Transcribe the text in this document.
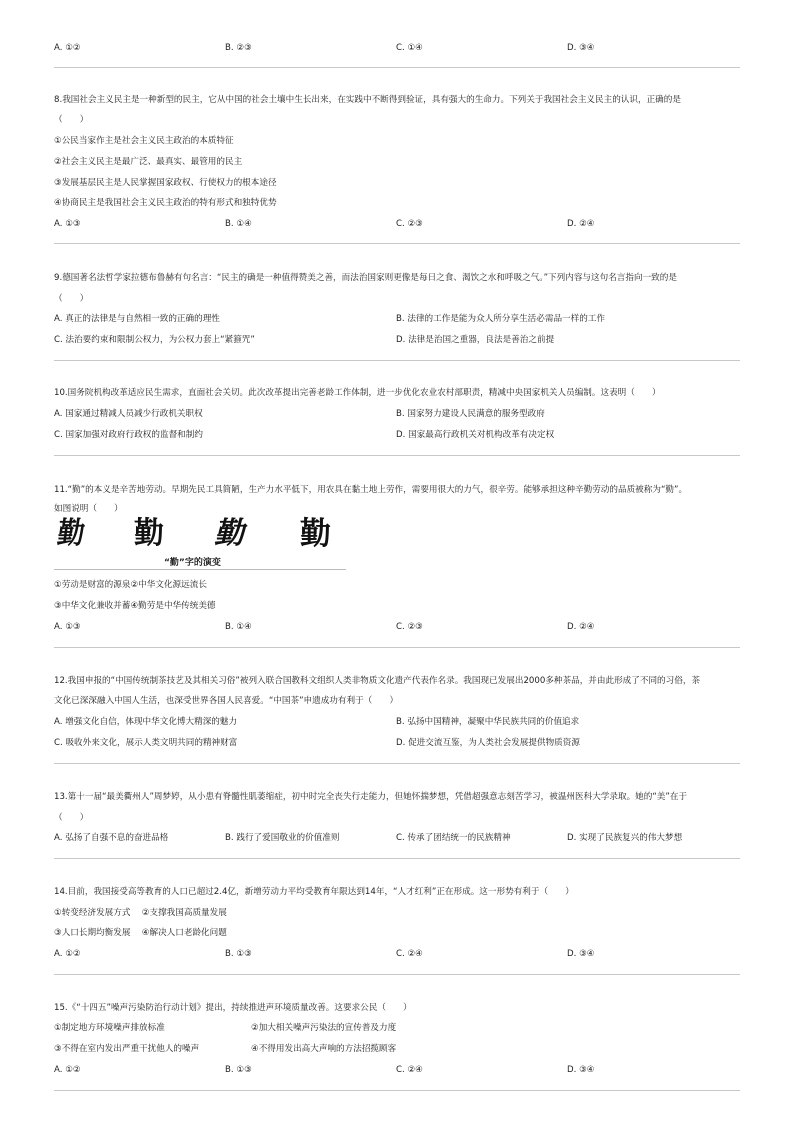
A. ①②	B. ②③	C. ①④	D. ③④
8.我国社会主义民主是一种新型的民主，它从中国的社会土壤中生长出来，在实践中不断得到验证，具有强大的生命力。下列关于我国社会主义民主的认识，正确的是
（　　）
①公民当家作主是社会主义民主政治的本质特征
②社会主义民主是最广泛、最真实、最管用的民主
③发展基层民主是人民掌握国家政权、行使权力的根本途径
④协商民主是我国社会主义民主政治的特有形式和独特优势
A. ①③	B. ①④	C. ②③	D. ②④
9.德国著名法哲学家拉德布鲁赫有句名言：“民主的确是一种值得赞美之善，而法治国家则更像是每日之食、渴饮之水和呼吸之气。”下列内容与这句名言指向一致的是
（　　）
A. 真正的法律是与自然相一致的正确的理性	B. 法律的工作是能为众人所分享生活必需品一样的工作
C. 法治要约束和限制公权力，为公权力套上“紧箍咒”	D. 法律是治国之重器，良法是善治之前提
10.国务院机构改革适应民生需求，直面社会关切。此次改革提出完善老龄工作体制，进一步优化农业农村部职责，精减中央国家机关人员编制。这表明（　　）
A. 国家通过精减人员减少行政机关职权	B. 国家努力建设人民满意的服务型政府
C. 国家加强对政府行政权的监督和制约	D. 国家最高行政机关对机构改革有决定权
11.“勤”的本义是辛苦地劳动。早期先民工具简陋，生产力水平低下，用农具在黏土地上劳作，需要用很大的力气，很辛劳。能够承担这种辛勤劳动的品质被称为“勤”。
如图说明（　　）
勤 勤 勤 勤
“勤”字的演变
①劳动是财富的源泉②中华文化源远流长
③中华文化兼收并蓄④勤劳是中华传统美德
A. ①③	B. ①④	C. ②③	D. ②④
12.我国申报的“中国传统制茶技艺及其相关习俗”被列入联合国教科文组织人类非物质文化遗产代表作名录。我国现已发展出2000多种茶品，并由此形成了不同的习俗，茶
文化已深深融入中国人生活，也深受世界各国人民喜爱。“中国茶”申遗成功有利于（　　）
A. 增强文化自信，体现中华文化博大精深的魅力	B. 弘扬中国精神，凝聚中华民族共同的价值追求
C. 吸收外来文化，展示人类文明共同的精神财富	D. 促进交流互鉴，为人类社会发展提供物质资源
13.第十一届“最美衢州人”周梦婷，从小患有脊髓性肌萎缩症，初中时完全丧失行走能力，但她怀揣梦想，凭借超强意志刻苦学习，被温州医科大学录取。她的“美”在于
（　　）
A. 弘扬了自强不息的奋进品格	B. 践行了爱国敬业的价值准则	C. 传承了团结统一的民族精神	D. 实现了民族复兴的伟大梦想
14.目前，我国接受高等教育的人口已超过2.4亿，新增劳动力平均受教育年限达到14年，“人才红利”正在形成。这一形势有利于（　　）
①转变经济发展方式　 ②支撑我国高质量发展
③人口长期均衡发展　 ④解决人口老龄化问题
A. ①②	B. ①③	C. ②④	D. ③④
15.《“十四五”噪声污染防治行动计划》提出，持续推进声环境质量改善。这要求公民（　　）
①制定地方环境噪声排放标准	②加大相关噪声污染法的宣传普及力度
③不得在室内发出严重干扰他人的噪声	④不得用发出高大声响的方法招揽顾客
A. ①②	B. ①③	C. ②④	D. ③④
